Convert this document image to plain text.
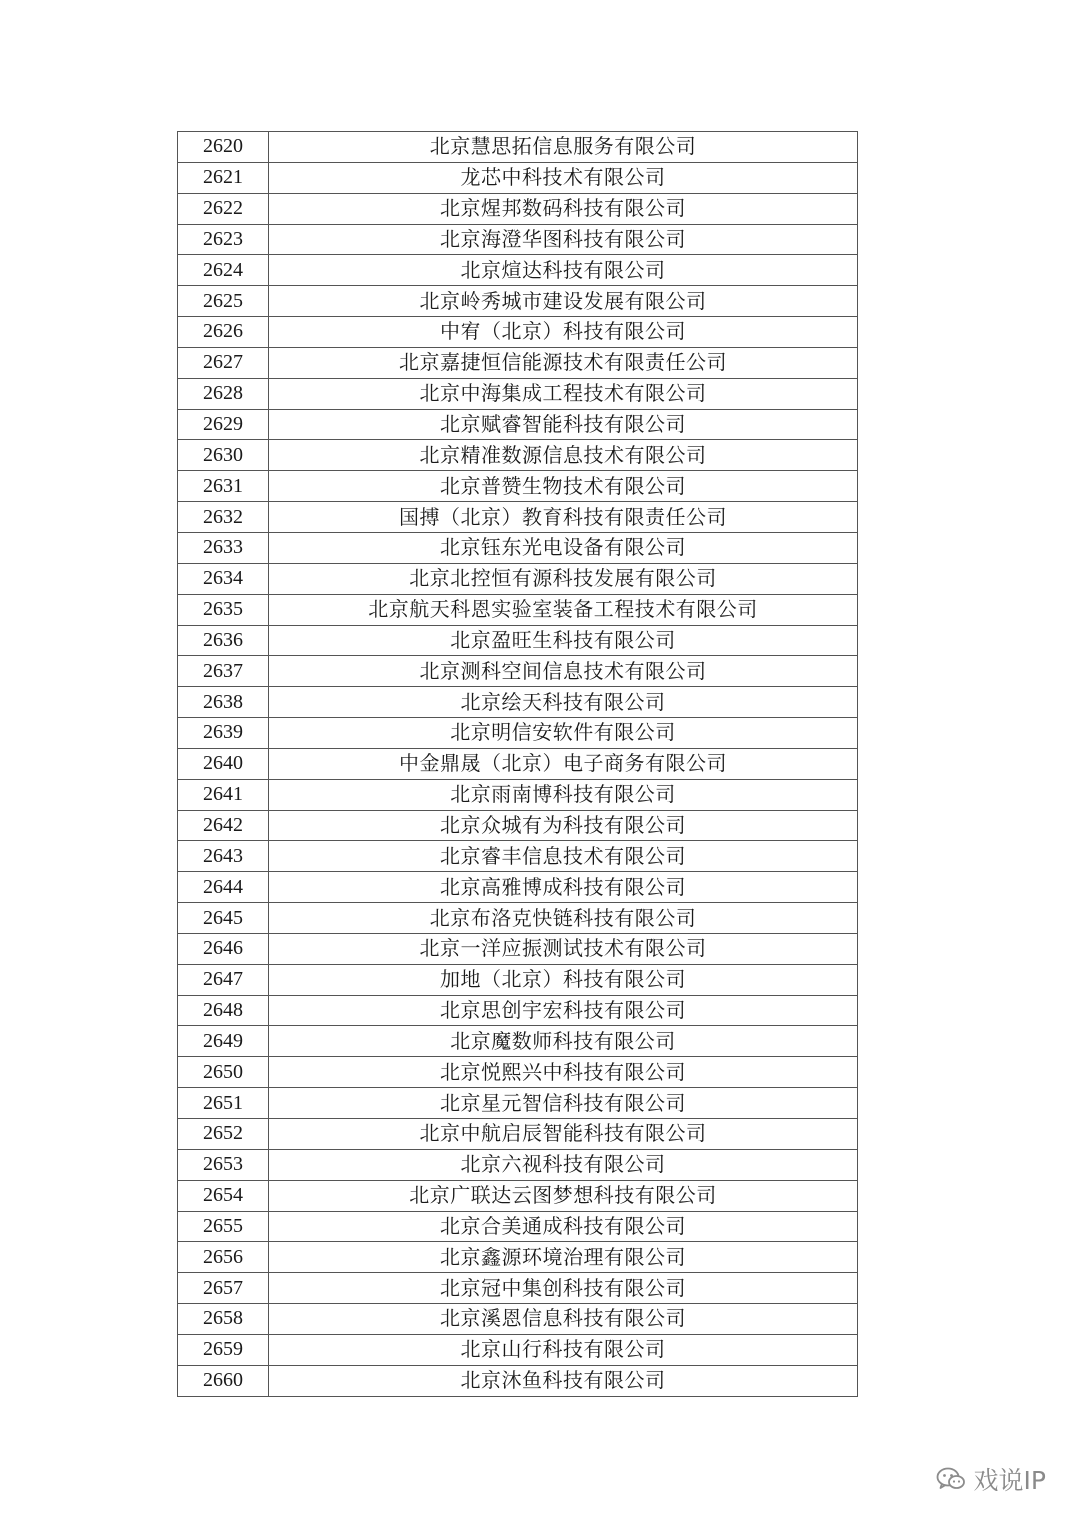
2620	北京慧思拓信息服务有限公司
2621	龙芯中科技术有限公司
2622	北京煋邦数码科技有限公司
2623	北京海澄华图科技有限公司
2624	北京煊达科技有限公司
2625	北京岭秀城市建设发展有限公司
2626	中宥（北京）科技有限公司
2627	北京嘉捷恒信能源技术有限责任公司
2628	北京中海集成工程技术有限公司
2629	北京赋睿智能科技有限公司
2630	北京精准数源信息技术有限公司
2631	北京普赞生物技术有限公司
2632	国搏（北京）教育科技有限责任公司
2633	北京钰东光电设备有限公司
2634	北京北控恒有源科技发展有限公司
2635	北京航天科恩实验室装备工程技术有限公司
2636	北京盈旺生科技有限公司
2637	北京测科空间信息技术有限公司
2638	北京绘天科技有限公司
2639	北京明信安软件有限公司
2640	中金鼎晟（北京）电子商务有限公司
2641	北京雨南博科技有限公司
2642	北京众城有为科技有限公司
2643	北京睿丰信息技术有限公司
2644	北京高雅博成科技有限公司
2645	北京布洛克快链科技有限公司
2646	北京一洋应振测试技术有限公司
2647	加地（北京）科技有限公司
2648	北京思创宇宏科技有限公司
2649	北京魔数师科技有限公司
2650	北京悦熙兴中科技有限公司
2651	北京星元智信科技有限公司
2652	北京中航启辰智能科技有限公司
2653	北京六视科技有限公司
2654	北京广联达云图梦想科技有限公司
2655	北京合美通成科技有限公司
2656	北京鑫源环境治理有限公司
2657	北京冠中集创科技有限公司
2658	北京溪恩信息科技有限公司
2659	北京山行科技有限公司
2660	北京沐鱼科技有限公司
戏说IP
